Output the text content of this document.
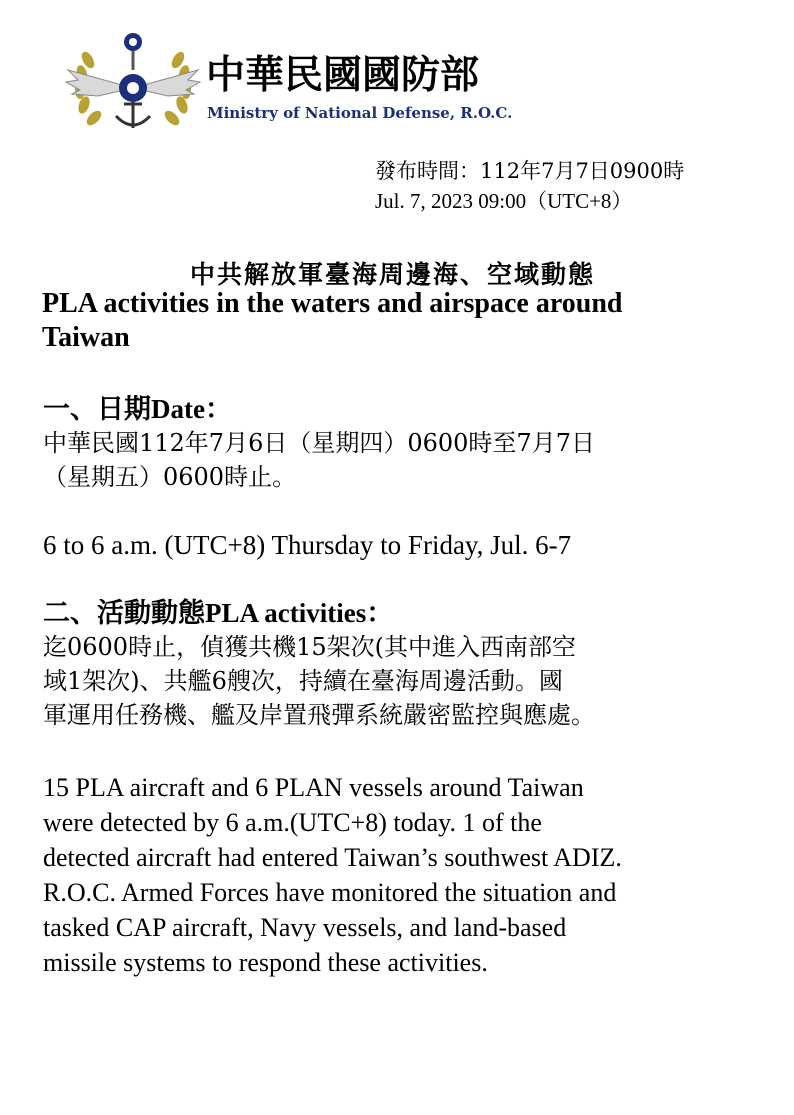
中華民國國防部
Ministry of National Defense, R.O.C.
發布時間：112年7月7日0900時
Jul. 7, 2023 09:00（UTC+8）
中共解放軍臺海周邊海、空域動態
PLA activities in the waters and airspace around
Taiwan
一、日期Date：
中華民國112年7月6日（星期四）0600時至7月7日
（星期五）0600時止。
6 to 6 a.m. (UTC+8) Thursday to Friday, Jul. 6-7
二、活動動態PLA activities：
迄0600時止，偵獲共機15架次(其中進入西南部空
域1架次)、共艦6艘次，持續在臺海周邊活動。國
軍運用任務機、艦及岸置飛彈系統嚴密監控與應處。
15 PLA aircraft and 6 PLAN vessels around Taiwan
were detected by 6 a.m.(UTC+8) today. 1 of the
detected aircraft had entered Taiwan’s southwest ADIZ.
R.O.C. Armed Forces have monitored the situation and
tasked CAP aircraft, Navy vessels, and land-based
missile systems to respond these activities.
